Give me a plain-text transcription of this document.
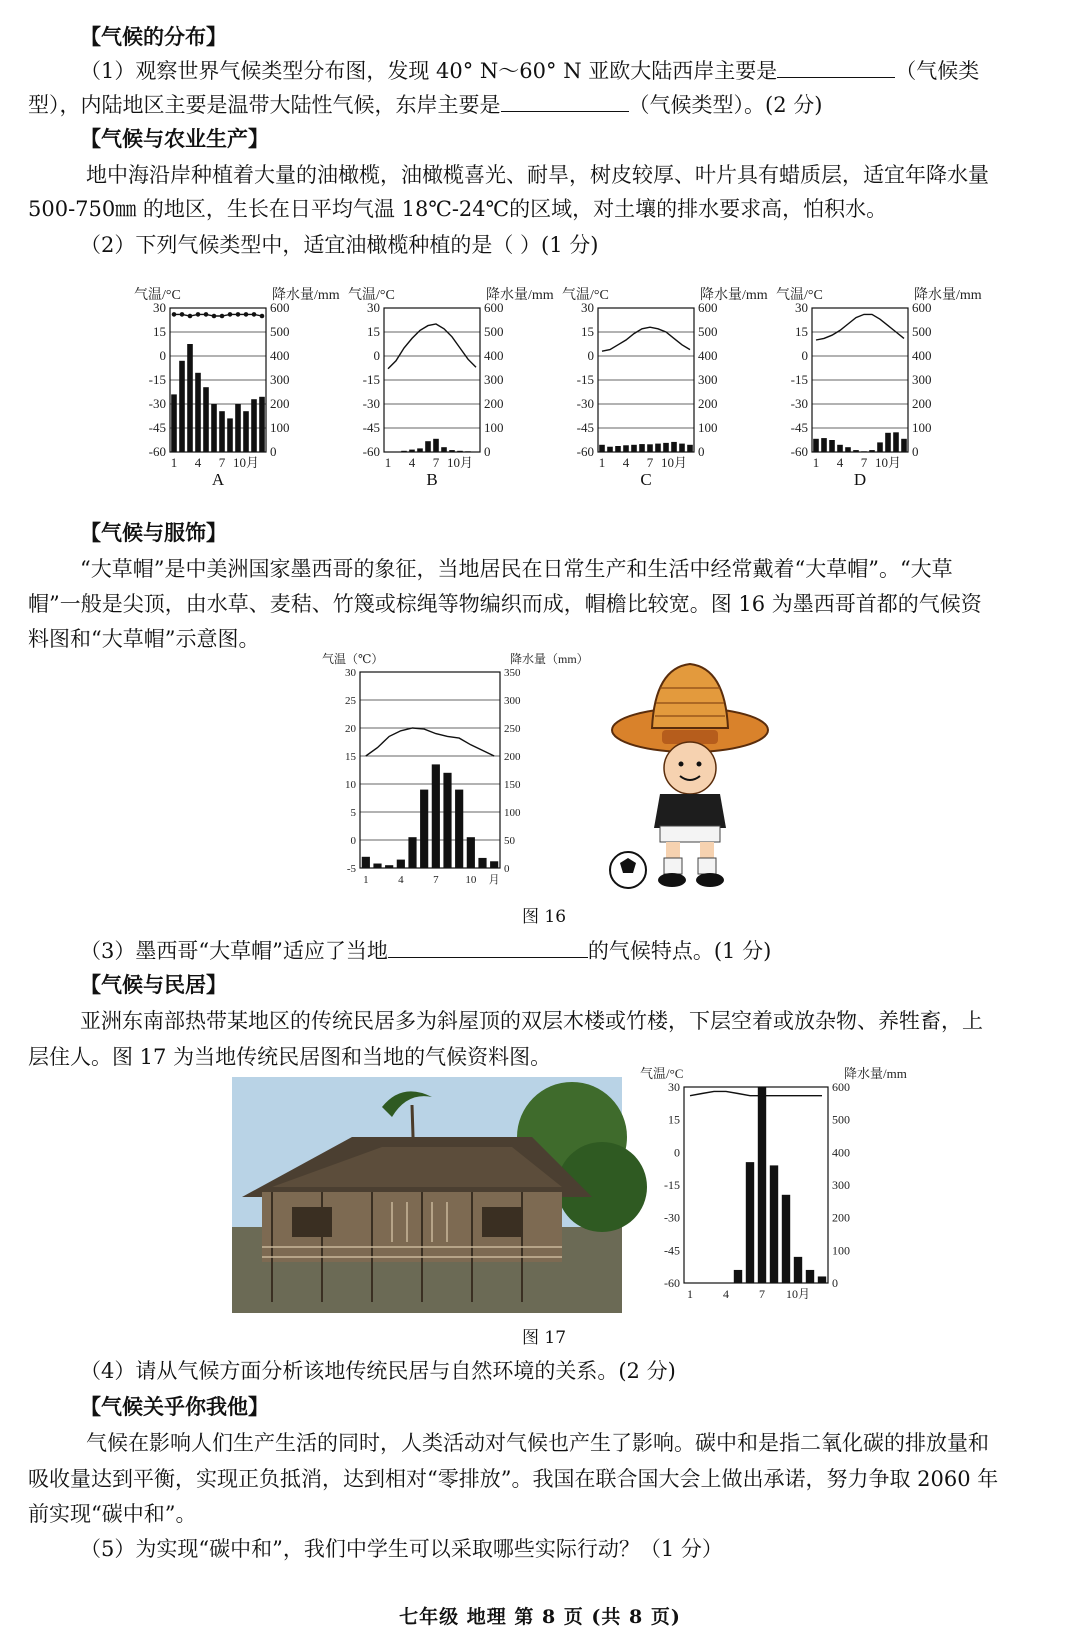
【气候的分布】
（1）观察世界气候类型分布图，发现 40° N～60° N 亚欧大陆西岸主要是	（气候类
型），内陆地区主要是温带大陆性气候，东岸主要是	（气候类型）。(2 分)
【气候与农业生产】
地中海沿岸种植着大量的油橄榄，油橄榄喜光、耐旱，树皮较厚、叶片具有蜡质层，适宜年降水量
500-750㎜ 的地区，生长在日平均气温 18℃-24℃的区域，对土壤的排水要求高，怕积水。
（2）下列气候类型中，适宜油橄榄种植的是（ ）(1 分)
气温/°C	降水量/mm
30	600
15	500
0	400
-15	300
-30	200
-45	100
-60	0
1 4 7 10月
A
气温/°C	降水量/mm
30	600
15	500
0	400
-15	300
-30	200
-45	100
-60	0
1 4 7 10月
B
气温/°C	降水量/mm
30	600
15	500
0	400
-15	300
-30	200
-45	100
-60	0
1 4 7 10月
C
气温/°C	降水量/mm
30	600
15	500
0	400
-15	300
-30	200
-45	100
-60	0
1 4 7 10月
D
【气候与服饰】
“大草帽”是中美洲国家墨西哥的象征，当地居民在日常生产和生活中经常戴着“大草帽”。“大草
帽”一般是尖顶，由水草、麦秸、竹篾或棕绳等物编织而成，帽檐比较宽。图 16 为墨西哥首都的气候资
料图和“大草帽”示意图。
气温（℃）	降水量（mm）
30	350
25	300
20	250
15	200
10	150
5	100
0	50
-5	0
1	4	7 10 月
图 16
（3）墨西哥“大草帽”适应了当地	的气候特点。(1 分)
【气候与民居】
亚洲东南部热带某地区的传统民居多为斜屋顶的双层木楼或竹楼，下层空着或放杂物、养牲畜，上
层住人。图 17 为当地传统民居图和当地的气候资料图。
气温/°C	降水量/mm
30	600
15	500
0	400
-15	300
-30	200
-45	100
-60	0
1	4	7 10月
图 17
（4）请从气候方面分析该地传统民居与自然环境的关系。(2 分)
【气候关乎你我他】
气候在影响人们生产生活的同时，人类活动对气候也产生了影响。碳中和是指二氧化碳的排放量和
吸收量达到平衡，实现正负抵消，达到相对“零排放”。我国在联合国大会上做出承诺，努力争取 2060 年
前实现“碳中和”。
（5）为实现“碳中和”，我们中学生可以采取哪些实际行动？（1 分）
七年级 地理 第 8 页 (共 8 页)
